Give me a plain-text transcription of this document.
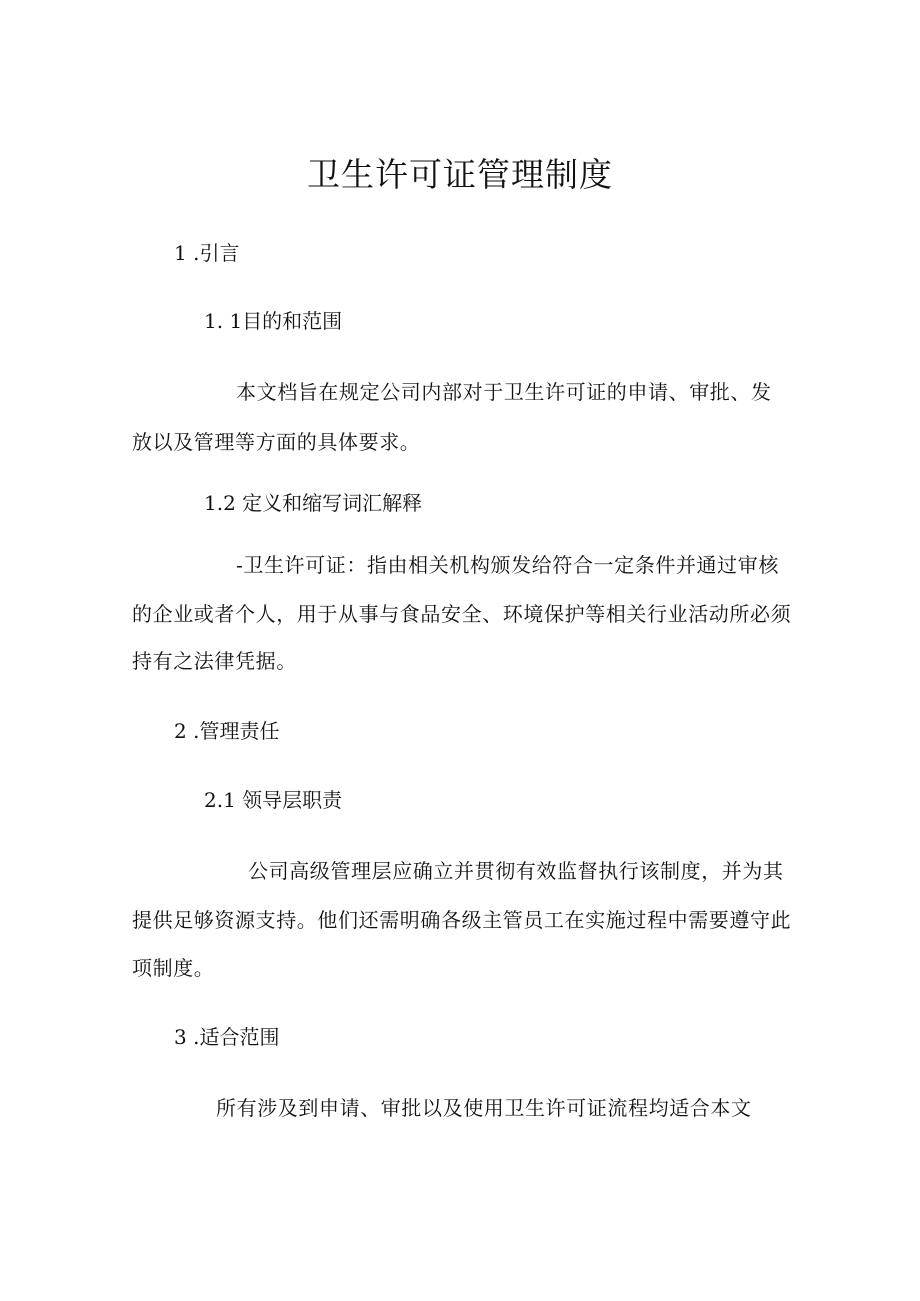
卫生许可证管理制度

1 .引言

1. 1目的和范围

本文档旨在规定公司内部对于卫生许可证的申请、审批、发

放以及管理等方面的具体要求。

1.2 定义和缩写词汇解释

-卫生许可证：指由相关机构颁发给符合一定条件并通过审核

的企业或者个人，用于从事与食品安全、环境保护等相关行业活动所必须

持有之法律凭据。

2 .管理责任

2.1 领导层职责

公司高级管理层应确立并贯彻有效监督执行该制度，并为其

提供足够资源支持。他们还需明确各级主管员工在实施过程中需要遵守此

项制度。

3 .适合范围

所有涉及到申请、审批以及使用卫生许可证流程均适合本文
